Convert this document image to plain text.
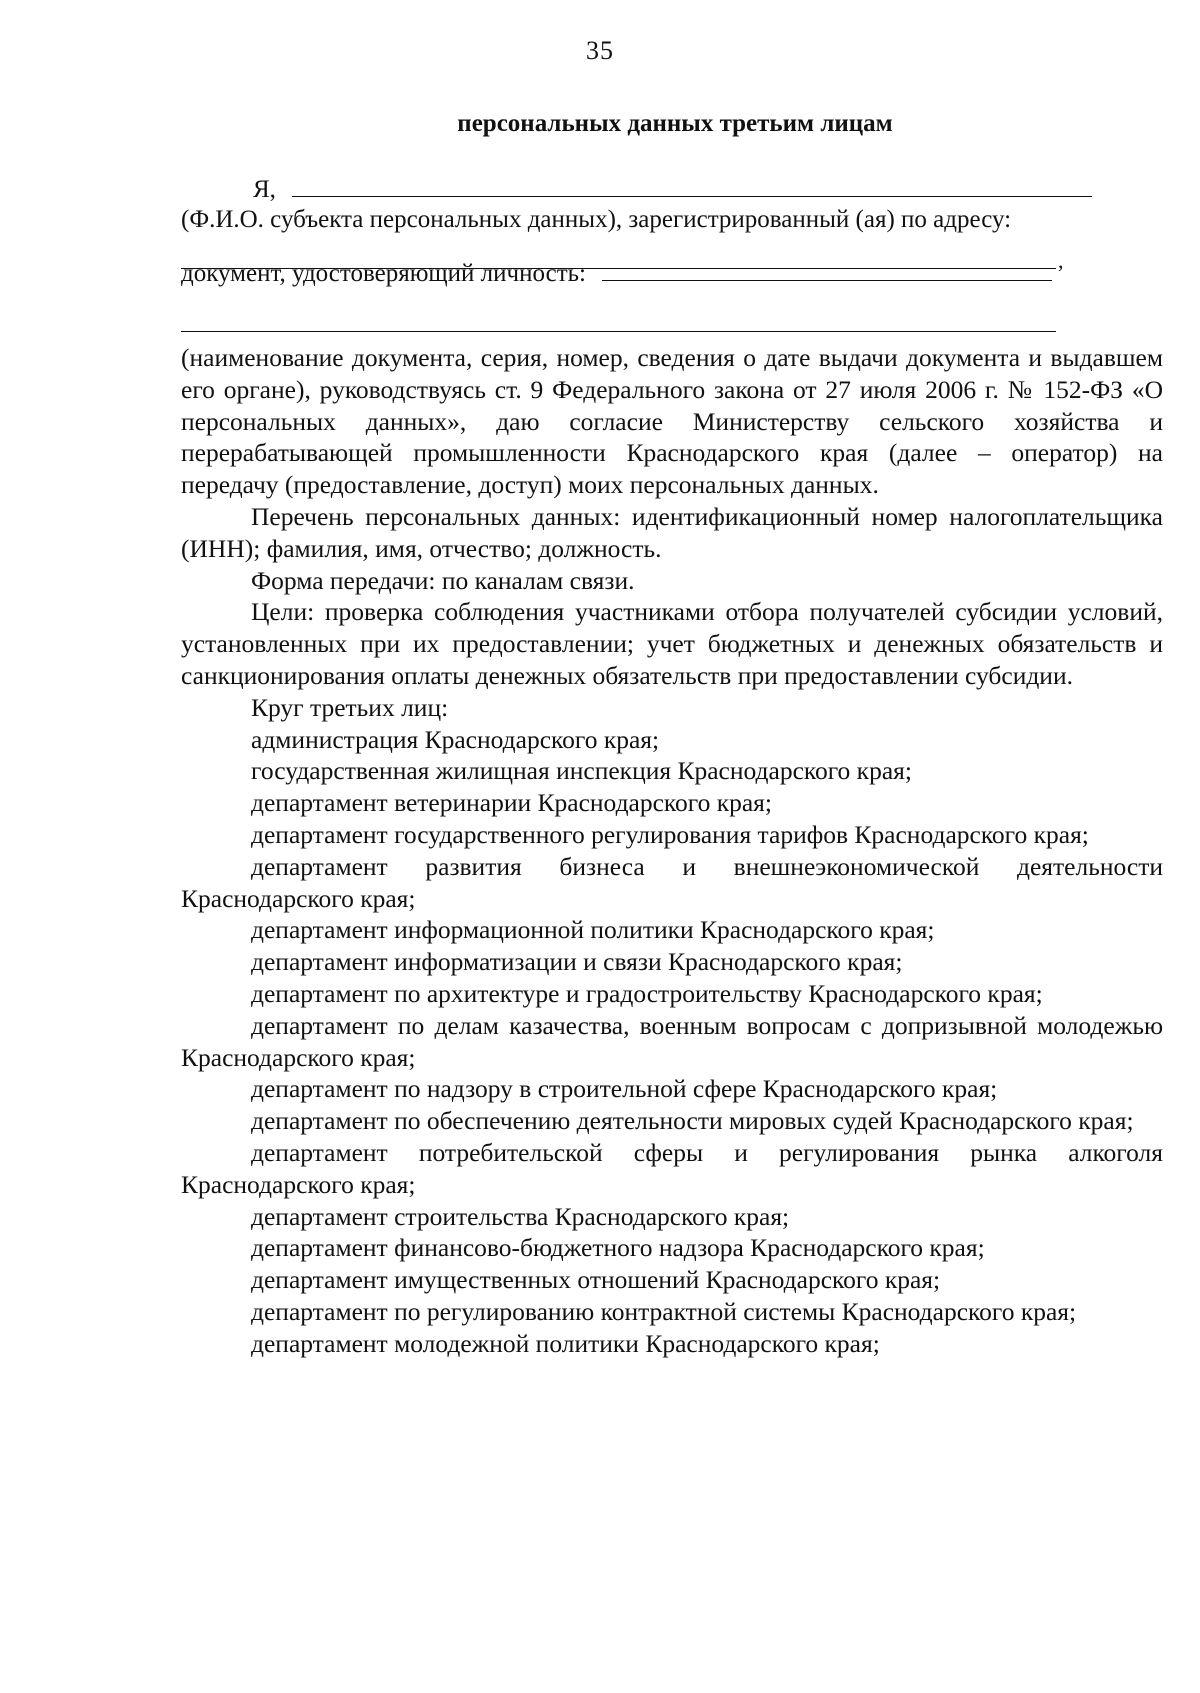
35
персональных данных третьим лицам
Я,
(Ф.И.О. субъекта персональных данных), зарегистрированный (ая) по адресу:
,
документ, удостоверяющий личность:

(наименование документа, серия, номер, сведения о дате выдачи документа и выдавшем его органе), руководствуясь ст. 9 Федерального закона от 27 июля 2006 г. № 152-ФЗ «О персональных данных», даю согласие Министерству сельского хозяйства и перерабатывающей промышленности Краснодарского края (далее – оператор) на передачу (предоставление, доступ) моих персональных данных.

Перечень персональных данных: идентификационный номер налогоплательщика (ИНН); фамилия, имя, отчество; должность.

Форма передачи: по каналам связи.

Цели: проверка соблюдения участниками отбора получателей субсидии условий, установленных при их предоставлении; учет бюджетных и денежных обязательств и санкционирования оплаты денежных обязательств при предоставлении субсидии.

Круг третьих лиц:

администрация Краснодарского края;

государственная жилищная инспекция Краснодарского края;

департамент ветеринарии Краснодарского края;

департамент государственного регулирования тарифов Краснодарского края;

департамент развития бизнеса и внешнеэкономической деятельности Краснодарского края;

департамент информационной политики Краснодарского края;

департамент информатизации и связи Краснодарского края;

департамент по архитектуре и градостроительству Краснодарского края;

департамент по делам казачества, военным вопросам с допризывной молодежью Краснодарского края;

департамент по надзору в строительной сфере Краснодарского края;

департамент по обеспечению деятельности мировых судей Краснодарского края;

департамент потребительской сферы и регулирования рынка алкоголя Краснодарского края;

департамент строительства Краснодарского края;

департамент финансово-бюджетного надзора Краснодарского края;

департамент имущественных отношений Краснодарского края;

департамент по регулированию контрактной системы Краснодарского края;

департамент молодежной политики Краснодарского края;
